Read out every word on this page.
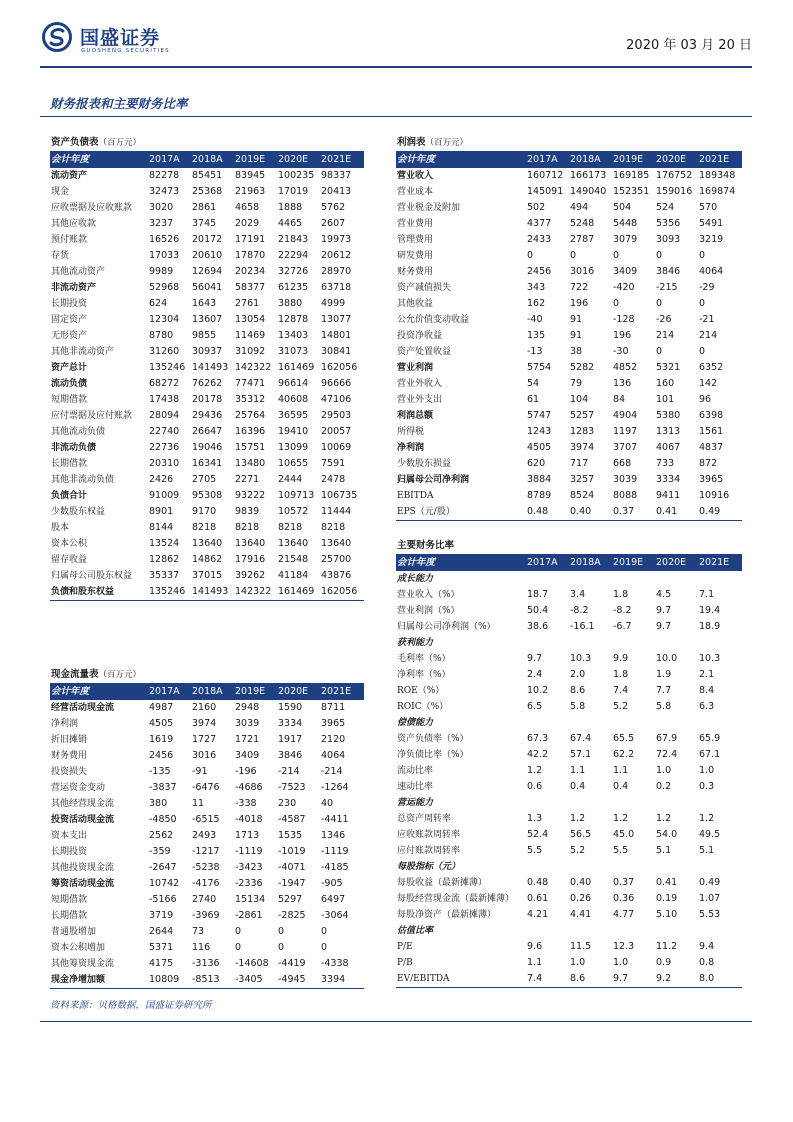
国盛证券
GUOSHENG SECURITIES	2020 年 03 月 20 日
财务报表和主要财务比率
资产负债表（百万元）					
会计年度	2017A	2018A	2019E	2020E	2021E
流动资产	82278	85451	83945	100235	98337
现金	32473	25368	21963	17019	20413
应收票据及应收账款	3020	2861	4658	1888	5762
其他应收款	3237	3745	2029	4465	2607
预付账款	16526	20172	17191	21843	19973
存货	17033	20610	17870	22294	20612
其他流动资产	9989	12694	20234	32726	28970
非流动资产	52968	56041	58377	61235	63718
长期投资	624	1643	2761	3880	4999
固定资产	12304	13607	13054	12878	13077
无形资产	8780	9855	11469	13403	14801
其他非流动资产	31260	30937	31092	31073	30841
资产总计	135246	141493	142322	161469	162056
流动负债	68272	76262	77471	96614	96666
短期借款	17438	20178	35312	40608	47106
应付票据及应付账款	28094	29436	25764	36595	29503
其他流动负债	22740	26647	16396	19410	20057
非流动负债	22736	19046	15751	13099	10069
长期借款	20310	16341	13480	10655	7591
其他非流动负债	2426	2705	2271	2444	2478
负债合计	91009	95308	93222	109713	106735
少数股东权益	8901	9170	9839	10572	11444
股本	8144	8218	8218	8218	8218
资本公积	13524	13640	13640	13640	13640
留存收益	12862	14862	17916	21548	25700
归属母公司股东权益	35337	37015	39262	41184	43876
负债和股东权益	135246	141493	142322	161469	162056
现金流量表（百万元）					
会计年度	2017A	2018A	2019E	2020E	2021E
经营活动现金流	4987	2160	2948	1590	8711
净利润	4505	3974	3039	3334	3965
折旧摊销	1619	1727	1721	1917	2120
财务费用	2456	3016	3409	3846	4064
投资损失	-135	-91	-196	-214	-214
营运资金变动	-3837	-6476	-4686	-7523	-1264
其他经营现金流	380	11	-338	230	40
投资活动现金流	-4850	-6515	-4018	-4587	-4411
资本支出	2562	2493	1713	1535	1346
长期投资	-359	-1217	-1119	-1019	-1119
其他投资现金流	-2647	-5238	-3423	-4071	-4185
筹资活动现金流	10742	-4176	-2336	-1947	-905
短期借款	-5166	2740	15134	5297	6497
长期借款	3719	-3969	-2861	-2825	-3064
普通股增加	2644	73	0	0	0
资本公积增加	5371	116	0	0	0
其他筹资现金流	4175	-3136	-14608	-4419	-4338
现金净增加额	10809	-8513	-3405	-4945	3394
利润表（百万元）					
会计年度	2017A	2018A	2019E	2020E	2021E
营业收入	160712	166173	169185	176752	189348
营业成本	145091	149040	152351	159016	169874
营业税金及附加	502	494	504	524	570
营业费用	4377	5248	5448	5356	5491
管理费用	2433	2787	3079	3093	3219
研发费用	0	0	0	0	0
财务费用	2456	3016	3409	3846	4064
资产减值损失	343	722	-420	-215	-29
其他收益	162	196	0	0	0
公允价值变动收益	-40	91	-128	-26	-21
投资净收益	135	91	196	214	214
资产处置收益	-13	38	-30	0	0
营业利润	5754	5282	4852	5321	6352
营业外收入	54	79	136	160	142
营业外支出	61	104	84	101	96
利润总额	5747	5257	4904	5380	6398
所得税	1243	1283	1197	1313	1561
净利润	4505	3974	3707	4067	4837
少数股东损益	620	717	668	733	872
归属母公司净利润	3884	3257	3039	3334	3965
EBITDA	8789	8524	8088	9411	10916
EPS（元/股）	0.48	0.40	0.37	0.41	0.49
主要财务比率					
会计年度	2017A	2018A	2019E	2020E	2021E
成长能力					
营业收入（%）	18.7	3.4	1.8	4.5	7.1
营业利润（%）	50.4	-8.2	-8.2	9.7	19.4
归属母公司净利润（%）	38.6	-16.1	-6.7	9.7	18.9
获利能力					
毛利率（%）	9.7	10.3	9.9	10.0	10.3
净利率（%）	2.4	2.0	1.8	1.9	2.1
ROE（%）	10.2	8.6	7.4	7.7	8.4
ROIC（%）	6.5	5.8	5.2	5.8	6.3
偿债能力					
资产负债率（%）	67.3	67.4	65.5	67.9	65.9
净负债比率（%）	42.2	57.1	62.2	72.4	67.1
流动比率	1.2	1.1	1.1	1.0	1.0
速动比率	0.6	0.4	0.4	0.2	0.3
营运能力					
总资产周转率	1.3	1.2	1.2	1.2	1.2
应收账款周转率	52.4	56.5	45.0	54.0	49.5
应付账款周转率	5.5	5.2	5.5	5.1	5.1
每股指标（元）					
每股收益（最新摊薄）	0.48	0.40	0.37	0.41	0.49
每股经营现金流（最新摊薄）	0.61	0.26	0.36	0.19	1.07
每股净资产（最新摊薄）	4.21	4.41	4.77	5.10	5.53
估值比率					
P/E	9.6	11.5	12.3	11.2	9.4
P/B	1.1	1.0	1.0	0.9	0.8
EV/EBITDA	7.4	8.6	9.7	9.2	8.0
资料来源：贝格数据，国盛证券研究所
